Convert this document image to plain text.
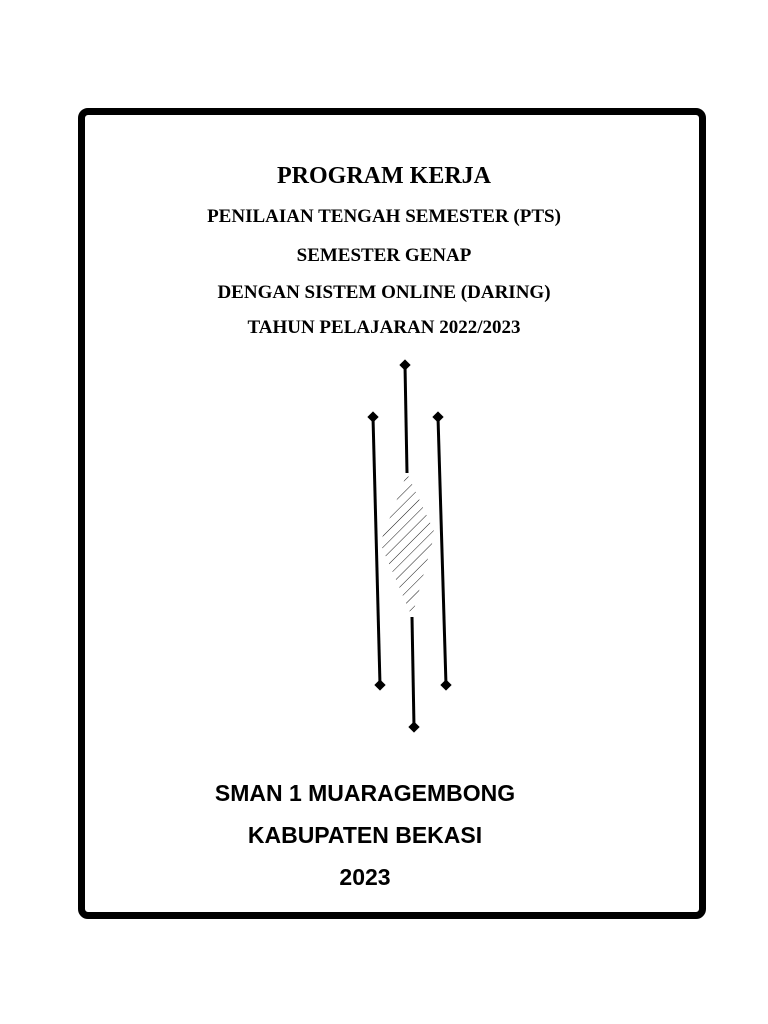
PROGRAM KERJA
PENILAIAN TENGAH SEMESTER (PTS)
SEMESTER GENAP
DENGAN SISTEM ONLINE (DARING)
TAHUN PELAJARAN 2022/2023
SMAN 1 MUARAGEMBONG
KABUPATEN BEKASI
2023
